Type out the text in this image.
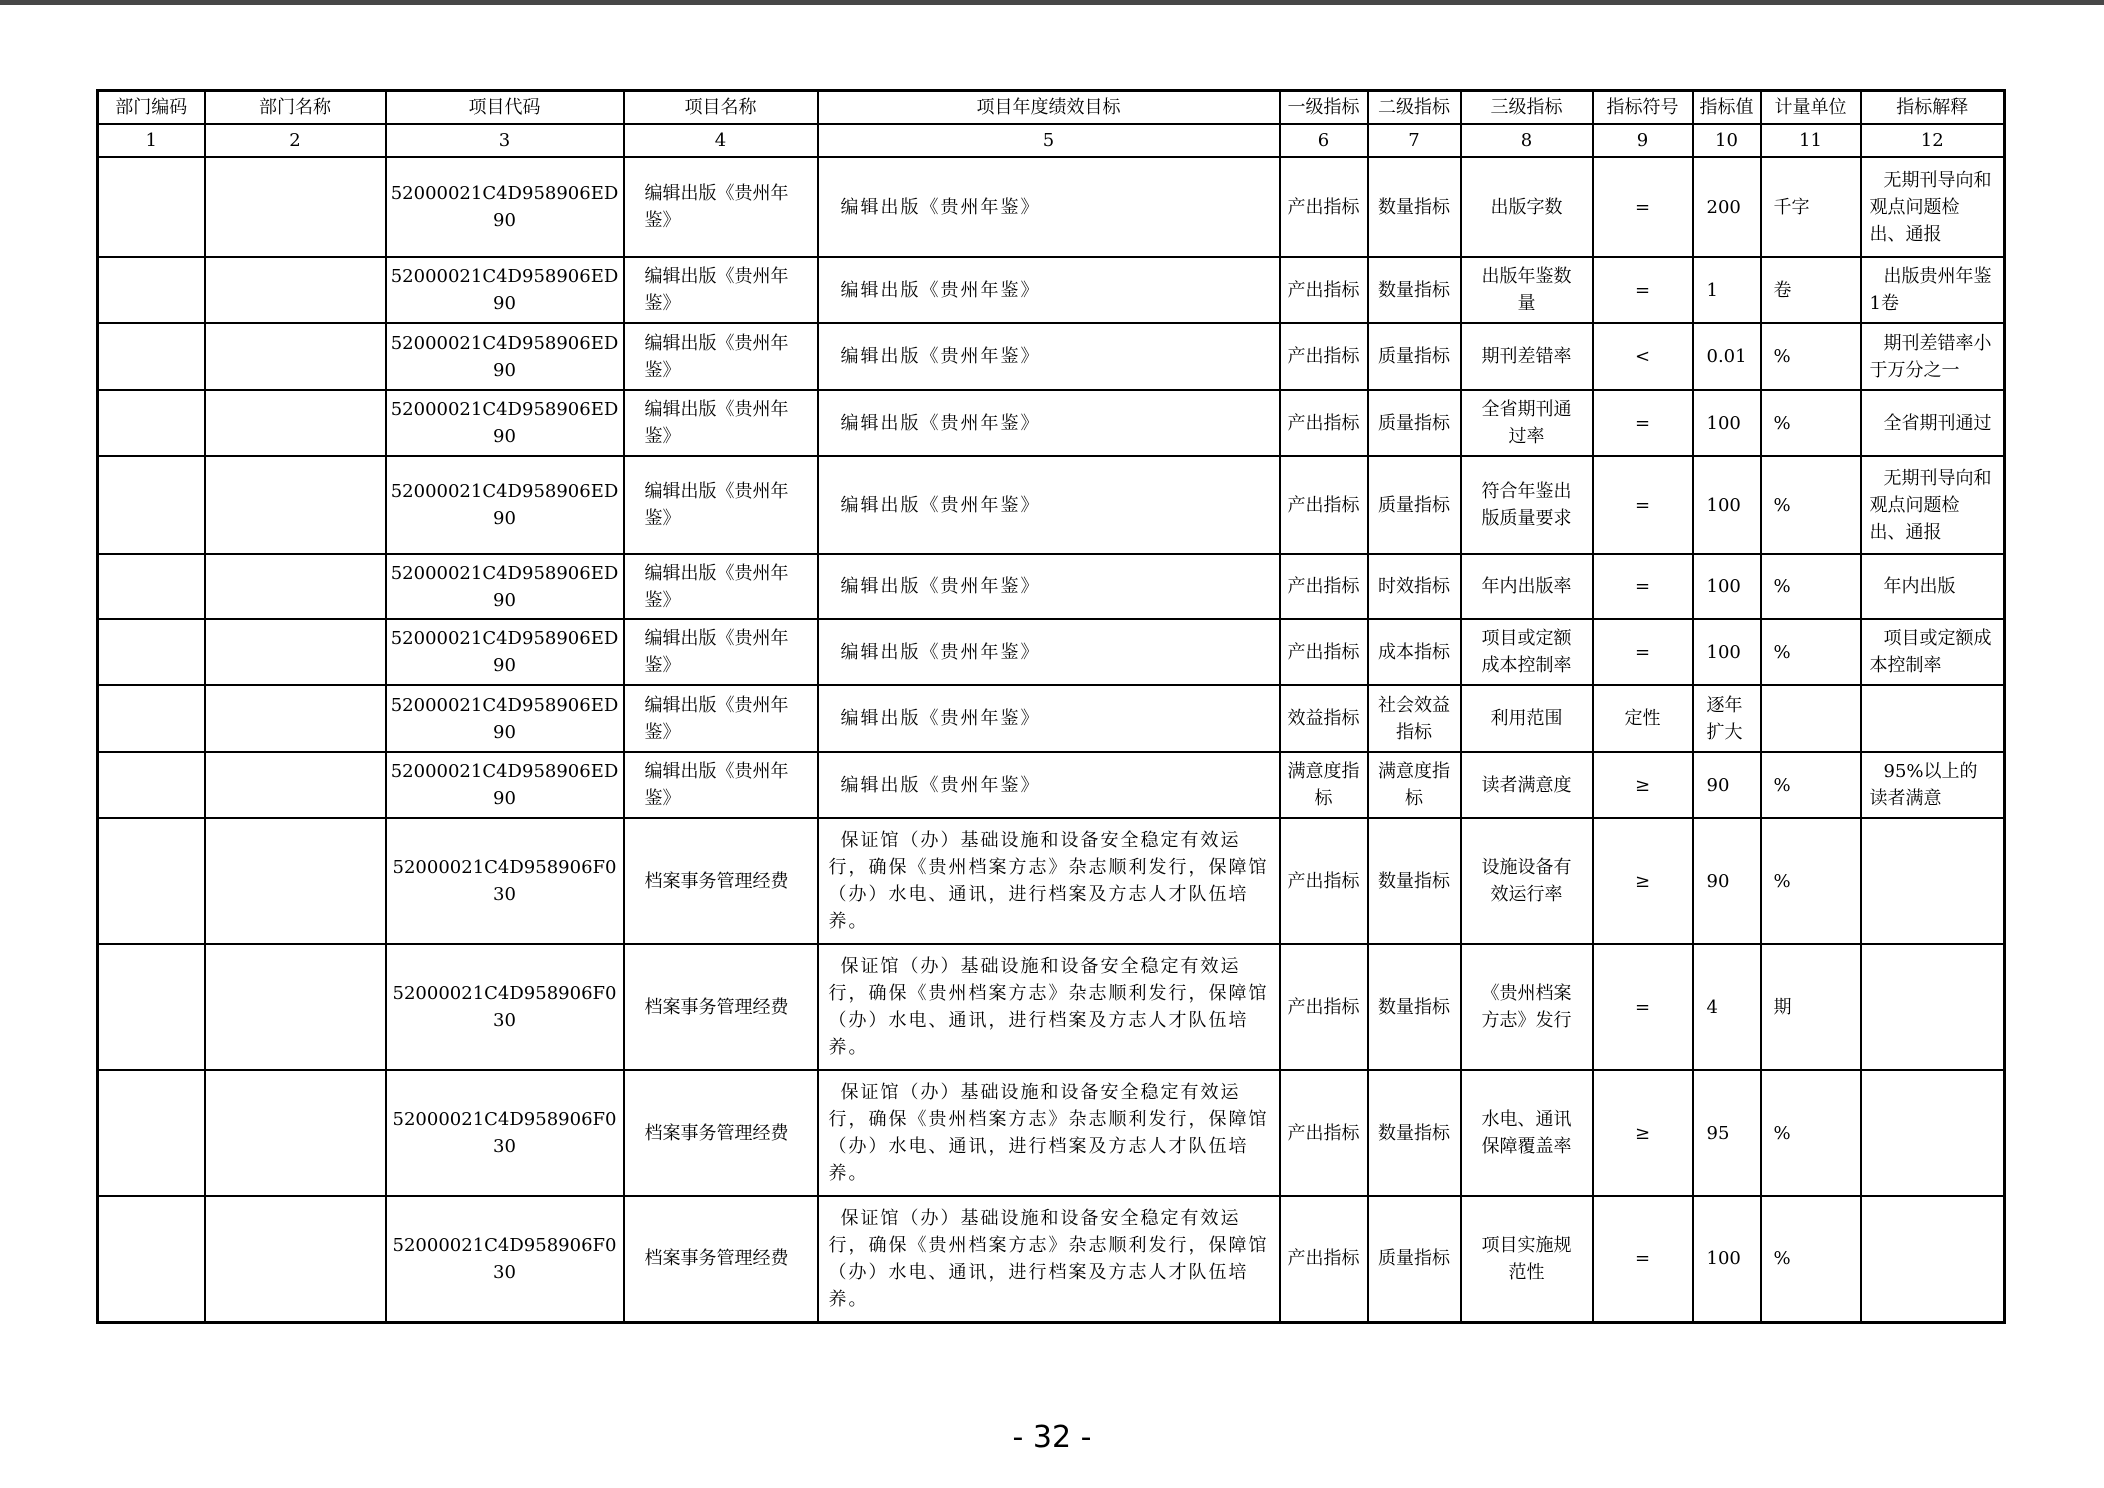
部门编码	部门名称	项目代码	项目名称	项目年度绩效目标	一级指标	二级指标	三级指标	指标符号	指标值	计量单位	指标解释
1	2	3	4	5	6	7	8	9	10	11	12
		52000021C4D958906ED90	编辑出版《贵州年鉴》	编辑出版《贵州年鉴》	产出指标	数量指标	出版字数	=	200	千字	无期刊导向和观点问题检出、通报
		52000021C4D958906ED90	编辑出版《贵州年鉴》	编辑出版《贵州年鉴》	产出指标	数量指标	出版年鉴数量	=	1	卷	出版贵州年鉴1卷
		52000021C4D958906ED90	编辑出版《贵州年鉴》	编辑出版《贵州年鉴》	产出指标	质量指标	期刊差错率	<	0.01	%	期刊差错率小于万分之一
		52000021C4D958906ED90	编辑出版《贵州年鉴》	编辑出版《贵州年鉴》	产出指标	质量指标	全省期刊通过率	=	100	%	全省期刊通过
		52000021C4D958906ED90	编辑出版《贵州年鉴》	编辑出版《贵州年鉴》	产出指标	质量指标	符合年鉴出版质量要求	=	100	%	无期刊导向和观点问题检出、通报
		52000021C4D958906ED90	编辑出版《贵州年鉴》	编辑出版《贵州年鉴》	产出指标	时效指标	年内出版率	=	100	%	年内出版
		52000021C4D958906ED90	编辑出版《贵州年鉴》	编辑出版《贵州年鉴》	产出指标	成本指标	项目或定额成本控制率	=	100	%	项目或定额成本控制率
		52000021C4D958906ED90	编辑出版《贵州年鉴》	编辑出版《贵州年鉴》	效益指标	社会效益指标	利用范围	定性	逐年扩大		
		52000021C4D958906ED90	编辑出版《贵州年鉴》	编辑出版《贵州年鉴》	满意度指标	满意度指标	读者满意度	≥	90	%	95%以上的读者满意
		52000021C4D958906F030	档案事务管理经费	保证馆（办）基础设施和设备安全稳定有效运行，确保《贵州档案方志》杂志顺利发行，保障馆（办）水电、通讯，进行档案及方志人才队伍培养。	产出指标	数量指标	设施设备有效运行率	≥	90	%	
		52000021C4D958906F030	档案事务管理经费	保证馆（办）基础设施和设备安全稳定有效运行，确保《贵州档案方志》杂志顺利发行，保障馆（办）水电、通讯，进行档案及方志人才队伍培养。	产出指标	数量指标	《贵州档案方志》发行	=	4	期	
		52000021C4D958906F030	档案事务管理经费	保证馆（办）基础设施和设备安全稳定有效运行，确保《贵州档案方志》杂志顺利发行，保障馆（办）水电、通讯，进行档案及方志人才队伍培养。	产出指标	数量指标	水电、通讯保障覆盖率	≥	95	%	
		52000021C4D958906F030	档案事务管理经费	保证馆（办）基础设施和设备安全稳定有效运行，确保《贵州档案方志》杂志顺利发行，保障馆（办）水电、通讯，进行档案及方志人才队伍培养。	产出指标	质量指标	项目实施规范性	=	100	%	
- 32 -
